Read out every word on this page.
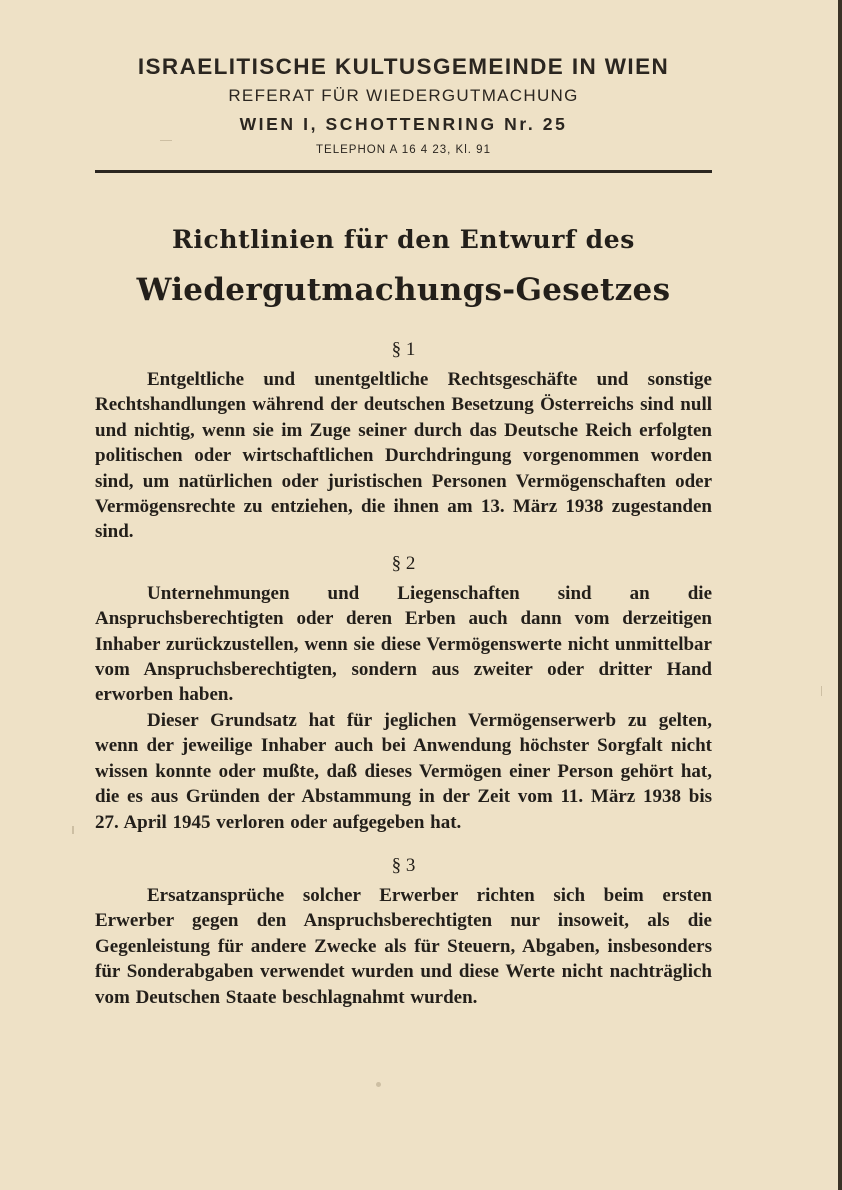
ISRAELITISCHE KULTUSGEMEINDE IN WIEN
REFERAT FÜR WIEDERGUTMACHUNG
WIEN I, SCHOTTENRING Nr. 25
TELEPHON A 16 4 23, Kl. 91
Richtlinien für den Entwurf des
Wiedergutmachungs-Gesetzes
§ 1

Entgeltliche und unentgeltliche Rechtsgeschäfte und sonstige Rechtshandlungen während der deutschen Besetzung Österreichs sind null und nichtig, wenn sie im Zuge seiner durch das Deutsche Reich erfolgten politischen oder wirtschaftlichen Durchdringung vorgenommen worden sind, um natürlichen oder juristischen Personen Vermögenschaften oder Vermögensrechte zu entziehen, die ihnen am 13. März 1938 zugestanden sind.

§ 2

Unternehmungen und Liegenschaften sind an die Anspruchsberechtigten oder deren Erben auch dann vom derzeitigen Inhaber zurückzustellen, wenn sie diese Vermögenswerte nicht unmittelbar vom Anspruchsberechtigten, sondern aus zweiter oder dritter Hand erworben haben.

Dieser Grundsatz hat für jeglichen Vermögenserwerb zu gelten, wenn der jeweilige Inhaber auch bei Anwendung höchster Sorgfalt nicht wissen konnte oder mußte, daß dieses Vermögen einer Person gehört hat, die es aus Gründen der Abstammung in der Zeit vom 11. März 1938 bis 27. April 1945 verloren oder aufgegeben hat.

§ 3

Ersatzansprüche solcher Erwerber richten sich beim ersten Erwerber gegen den Anspruchsberechtigten nur insoweit, als die Gegenleistung für andere Zwecke als für Steuern, Abgaben, insbesonders für Sonderabgaben verwendet wurden und diese Werte nicht nachträglich vom Deutschen Staate beschlagnahmt wurden.
